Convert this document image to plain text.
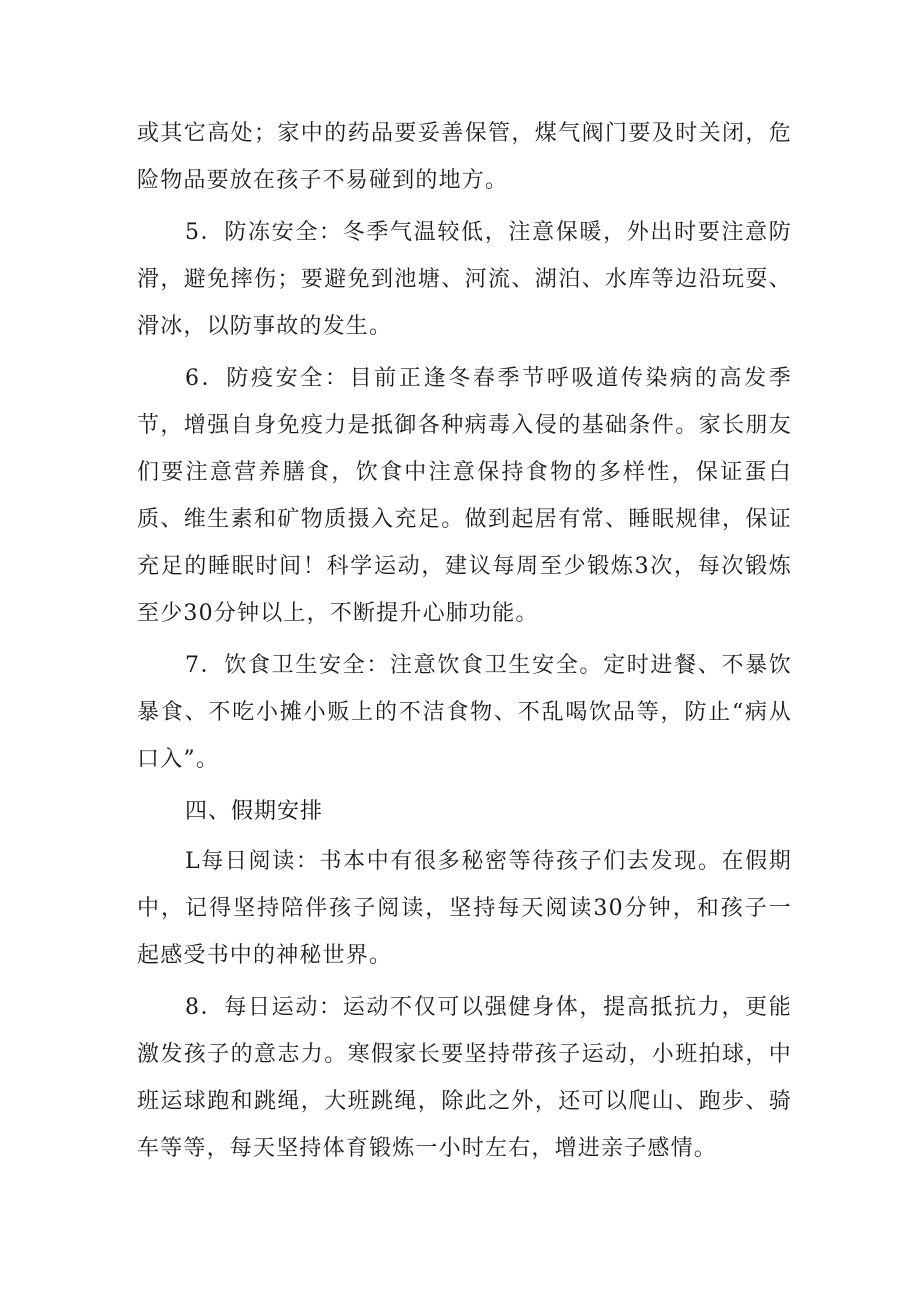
或其它高处；家中的药品要妥善保管，煤气阀门要及时关闭，危险物品要放在孩子不易碰到的地方。

5．防冻安全：冬季气温较低，注意保暖，外出时要注意防滑，避免摔伤；要避免到池塘、河流、湖泊、水库等边沿玩耍、滑冰，以防事故的发生。

6．防疫安全：目前正逢冬春季节呼吸道传染病的高发季节，增强自身免疫力是抵御各种病毒入侵的基础条件。家长朋友们要注意营养膳食，饮食中注意保持食物的多样性，保证蛋白质、维生素和矿物质摄入充足。做到起居有常、睡眠规律，保证充足的睡眠时间！科学运动，建议每周至少锻炼3次，每次锻炼至少30分钟以上，不断提升心肺功能。

7．饮食卫生安全：注意饮食卫生安全。定时进餐、不暴饮暴食、不吃小摊小贩上的不洁食物、不乱喝饮品等，防止“病从口入”。

四、假期安排

L每日阅读：书本中有很多秘密等待孩子们去发现。在假期中，记得坚持陪伴孩子阅读，坚持每天阅读30分钟，和孩子一起感受书中的神秘世界。

8．每日运动：运动不仅可以强健身体，提高抵抗力，更能激发孩子的意志力。寒假家长要坚持带孩子运动，小班拍球，中班运球跑和跳绳，大班跳绳，除此之外，还可以爬山、跑步、骑车等等，每天坚持体育锻炼一小时左右，增进亲子感情。
